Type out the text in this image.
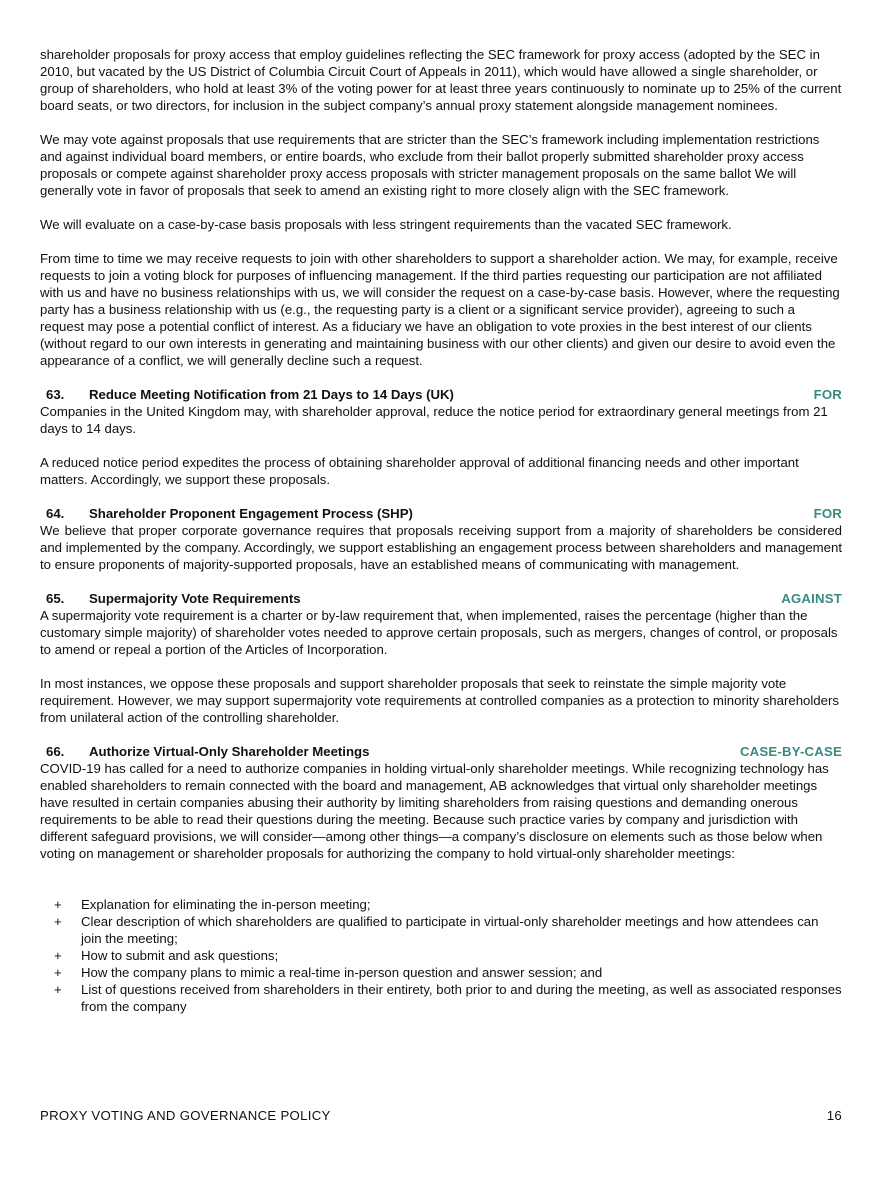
shareholder proposals for proxy access that employ guidelines reflecting the SEC framework for proxy access (adopted by the SEC in 2010, but vacated by the US District of Columbia Circuit Court of Appeals in 2011), which would have allowed a single shareholder, or group of shareholders, who hold at least 3% of the voting power for at least three years continuously to nominate up to 25% of the current board seats, or two directors, for inclusion in the subject company’s annual proxy statement alongside management nominees.

We may vote against proposals that use requirements that are stricter than the SEC’s framework including implementation restrictions and against individual board members, or entire boards, who exclude from their ballot properly submitted shareholder proxy access proposals or compete against shareholder proxy access proposals with stricter management proposals on the same ballot We will generally vote in favor of proposals that seek to amend an existing right to more closely align with the SEC framework.

We will evaluate on a case-by-case basis proposals with less stringent requirements than the vacated SEC framework.

From time to time we may receive requests to join with other shareholders to support a shareholder action. We may, for example, receive requests to join a voting block for purposes of influencing management. If the third parties requesting our participation are not affiliated with us and have no business relationships with us, we will consider the request on a case-by-case basis. However, where the requesting party has a business relationship with us (e.g., the requesting party is a client or a significant service provider), agreeing to such a request may pose a potential conflict of interest. As a fiduciary we have an obligation to vote proxies in the best interest of our clients (without regard to our own interests in generating and maintaining business with our other clients) and given our desire to avoid even the appearance of a conflict, we will generally decline such a request.

63. Reduce Meeting Notification from 21 Days to 14 Days (UK)	FOR

Companies in the United Kingdom may, with shareholder approval, reduce the notice period for extraordinary general meetings from 21 days to 14 days.

A reduced notice period expedites the process of obtaining shareholder approval of additional financing needs and other important matters. Accordingly, we support these proposals.

64. Shareholder Proponent Engagement Process (SHP)	FOR

We believe that proper corporate governance requires that proposals receiving support from a majority of shareholders be considered and implemented by the company. Accordingly, we support establishing an engagement process between shareholders and management to ensure proponents of majority-supported proposals, have an established means of communicating with management.

65. Supermajority Vote Requirements	AGAINST

A supermajority vote requirement is a charter or by-law requirement that, when implemented, raises the percentage (higher than the customary simple majority) of shareholder votes needed to approve certain proposals, such as mergers, changes of control, or proposals to amend or repeal a portion of the Articles of Incorporation.

In most instances, we oppose these proposals and support shareholder proposals that seek to reinstate the simple majority vote requirement. However, we may support supermajority vote requirements at controlled companies as a protection to minority shareholders from unilateral action of the controlling shareholder.

66. Authorize Virtual-Only Shareholder Meetings	CASE-BY-CASE

COVID-19 has called for a need to authorize companies in holding virtual-only shareholder meetings. While recognizing technology has enabled shareholders to remain connected with the board and management, AB acknowledges that virtual only shareholder meetings have resulted in certain companies abusing their authority by limiting shareholders from raising questions and demanding onerous requirements to be able to read their questions during the meeting. Because such practice varies by company and jurisdiction with different safeguard provisions, we will consider—among other things—a company’s disclosure on elements such as those below when voting on management or shareholder proposals for authorizing the company to hold virtual-only shareholder meetings:

+ Explanation for eliminating the in-person meeting;
+ Clear description of which shareholders are qualified to participate in virtual-only shareholder meetings and how attendees can join the meeting;
+ How to submit and ask questions;
+ How the company plans to mimic a real-time in-person question and answer session; and
+ List of questions received from shareholders in their entirety, both prior to and during the meeting, as well as associated responses from the company
PROXY VOTING AND GOVERNANCE POLICY	16
